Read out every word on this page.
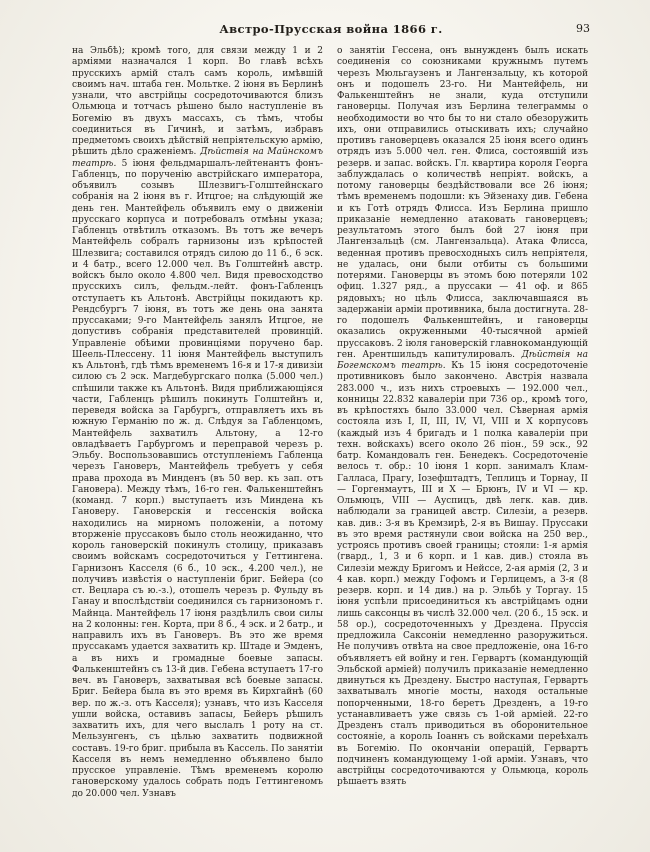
Австро-Прусская война 1866 г.	93
на Эльбѣ); кромѣ того, для связи между 1 и 2 арміями назначался 1 корп. Во главѣ всѣхъ прусскихъ армій сталъ самъ король, имѣвшій своимъ нач. штаба ген. Мольтке. 2 іюня въ Берлинѣ узнали, что австрійцы сосредоточиваются близъ Ольмюца и тотчасъ рѣшено было наступленіе въ Богемію въ двухъ массахъ, съ тѣмъ, чтобы соединиться въ Гичинѣ, и затѣмъ, избравъ предметомъ своихъ дѣйствій непріятельскую армію, рѣшить дѣло сраженіемъ. Дѣйствія на Майнскомъ театрѣ. 5 іюня фельдмаршалъ-лейтенантъ фонъ-Габленцъ, по порученію австрійскаго императора, объявилъ созывъ Шлезвигъ-Голштейнскаго собранія на 2 іюня въ г. Итцгое; на слѣдующій же день ген. Мантейфель объявилъ ему о движеніи прусскаго корпуса и потребовалъ отмѣны указа; Габленцъ отвѣтилъ отказомъ. Въ тотъ же вечеръ Мантейфель собралъ гарнизоны изъ крѣпостей Шлезвига; составился отрядъ силою до 11 б., 6 эск. и 4 батр., всего 12.000 чел. Въ Голштейнѣ австр. войскъ было около 4.800 чел. Видя превосходство прусскихъ силъ, фельдм.-лейт. фонъ-Габленцъ отступаетъ къ Альтонѣ. Австрійцы покидаютъ кр. Рендсбургъ 7 іюня, въ тотъ же день она занята пруссаками; 9-го Мантейфель занялъ Итцгое, не допустивъ собранія представителей провинцій. Управленіе обѣими провинціями поручено бар. Шеель-Плессену. 11 іюня Мантейфель выступилъ къ Альтонѣ, гдѣ тѣмъ временемъ 16-я и 17-я дивизіи силою съ 2 эск. Магдебургскаго полка (5.000 чел.) спѣшили также къ Альтонѣ. Видя приближающіяся части, Габленцъ рѣшилъ покинуть Голштейнъ и, переведя войска за Гарбургъ, отправляетъ ихъ въ южную Германію по ж. д. Слѣдуя за Габленцомъ, Мантейфель захватилъ Альтону, а 12-го овладѣваетъ Гарбургомъ и переправой черезъ р. Эльбу. Воспользовавшись отступленіемъ Габленца черезъ Гановеръ, Мантейфель требуетъ у себя права прохода въ Минденъ (въ 50 вер. къ зап. отъ Гановера). Между тѣмъ, 16-го ген. Фалькенштейнъ (команд. 7 корп.) выступаетъ изъ Миндена къ Гановеру. Гановерскія и гессенскія войска находились на мирномъ положеніи, а потому вторженіе пруссаковъ было столь неожиданно, что король гановерскій покинулъ столицу, приказавъ своимъ войскамъ сосредоточиться у Геттингена. Гарнизонъ Касселя (6 б., 10 эск., 4.200 чел.), не получивъ извѣстія о наступленіи бриг. Бейера (со ст. Вецлара съ ю.-з.), отошелъ черезъ р. Фульду въ Ганау и впослѣдствіи соединился съ гарнизономъ г. Майнца. Мантейфель 17 іюня раздѣлилъ свои силы на 2 колонны: ген. Корта, при 8 б., 4 эск. и 2 батр., и направилъ ихъ въ Гановеръ. Въ это же время пруссакамъ удается захватить кр. Штаде и Эмденъ, а въ нихъ и громадные боевые запасы. Фалькенштейнъ съ 13-й див. Гебена вступаетъ 17-го веч. въ Гановеръ, захватывая всѣ боевые запасы. Бриг. Бейера была въ это время въ Кирхгайнѣ (60 вер. по ж.-з. отъ Касселя); узнавъ, что изъ Касселя ушли войска, оставивъ запасы, Бейеръ рѣшилъ захватить ихъ, для чего выслалъ 1 роту на ст. Мельзунгенъ, съ цѣлью захватить подвижной составъ. 19-го бриг. прибыла въ Кассель. По занятіи Касселя въ немъ немедленно объявлено было прусское управленіе. Тѣмъ временемъ королю гановерскому удалось собрать подъ Геттингеномъ до 20.000 чел. Узнавъ
о занятіи Гессена, онъ вынужденъ былъ искать соединенія со союзниками кружнымъ путемъ черезъ Мюльгаузенъ и Лангензальцу, къ которой онъ и подошелъ 23-го. Ни Мантейфель, ни Фалькенштейнъ не знали, куда отступили гановерцы. Получая изъ Берлина телеграммы о необходимости во что бы то ни стало обезоружить ихъ, они отправились отыскивать ихъ; случайно противъ гановерцевъ оказался 25 іюня всего одинъ отрядъ изъ 5.000 чел. ген. Флиса, состоявшій изъ резерв. и запас. войскъ. Гл. квартира короля Георга заблуждалась о количествѣ непріят. войскъ, а потому гановерцы бездѣйствовали все 26 іюня; тѣмъ временемъ подошли: къ Эйзенаху див. Гебена и къ Готѣ отрядъ Флисса. Изъ Берлина пришло приказаніе немедленно атаковать гановерцевъ; результатомъ этого былъ бой 27 іюня при Лангензальцѣ (см. Лангензальца). Атака Флисса, веденная противъ превосходныхъ силъ непріятеля, не удалась, они были отбиты съ большими потерями. Гановерцы въ этомъ бою потеряли 102 офиц. 1.327 ряд., а пруссаки — 41 оф. и 865 рядовыхъ; но цѣль Флисса, заключавшаяся въ задержаніи арміи противника, была достигнута. 28-го подошелъ Фалькенштейнъ, и гановерцы оказались окруженными 40-тысячной арміей пруссаковъ. 2 іюля гановерскій главнокомандующій ген. Арентшильдъ капитулировалъ. Дѣйствія на Богемскомъ театрѣ. Къ 15 іюня сосредоточеніе противниковъ было закончено. Австрія назвала 283.000 ч., изъ нихъ строевыхъ — 192.000 чел., конницы 22.832 кавалеріи при 736 ор., кромѣ того, въ крѣпостяхъ было 33.000 чел. Сѣверная армія состояла изъ I, II, III, IV, VI, VIII и X корпусовъ (каждый изъ 4 бригадъ и 1 полка кавалеріи при техн. войскахъ) всего около 26 піон., 59 эск., 92 батр. Командовалъ ген. Бенедекъ. Сосредоточеніе велось т. обр.: 10 іюня 1 корп. занималъ Клам-Галласа, Прагу, Іозефштадтъ, Теплицъ и Торнау, II — Горгенмаутъ, III и X — Брюнъ, IV и VI — кр. Ольмюцъ, VIII — Ауспицъ, двѣ легк. кав. див. наблюдали за границей австр. Силезіи, а резерв. кав. див.: 3-я въ Кремзирѣ, 2-я въ Вишау. Пруссаки въ это время растянули свои войска на 250 вер., устроясь противъ своей границы; стояли: 1-я армія (гвард., 1, 3 и 6 корп. и 1 кав. див.) стояла въ Силезіи между Бригомъ и Нейссе, 2-ая армія (2, 3 и 4 кав. корп.) между Гофомъ и Герлицемъ, а 3-я (8 резерв. корп. и 14 див.) на р. Эльбѣ у Торгау. 15 іюня успѣли присоединиться къ австрійцамъ одни лишь саксонцы въ числѣ 32.000 чел. (20 б., 15 эск. и 58 ор.), сосредоточенныхъ у Дрездена. Пруссія предложила Саксоніи немедленно разоружиться. Не получивъ отвѣта на свое предложеніе, она 16-го объявляетъ ей войну и ген. Гервартъ (командующій Эльбской арміей) получилъ приказаніе немедленно двинуться къ Дрездену. Быстро наступая, Гервартъ захватывалъ многіе мосты, находя остальные попорченными, 18-го беретъ Дрезденъ, а 19-го устанавливаетъ уже связь съ 1-ой арміей. 22-го Дрезденъ сталъ приводиться въ оборонительное состояніе, а король Іоаннъ съ войсками переѣхалъ въ Богемію. По окончаніи операцій, Гервартъ подчиненъ командующему 1-ой арміи. Узнавъ, что австрійцы сосредоточиваются у Ольмюца, король рѣшаетъ взять
